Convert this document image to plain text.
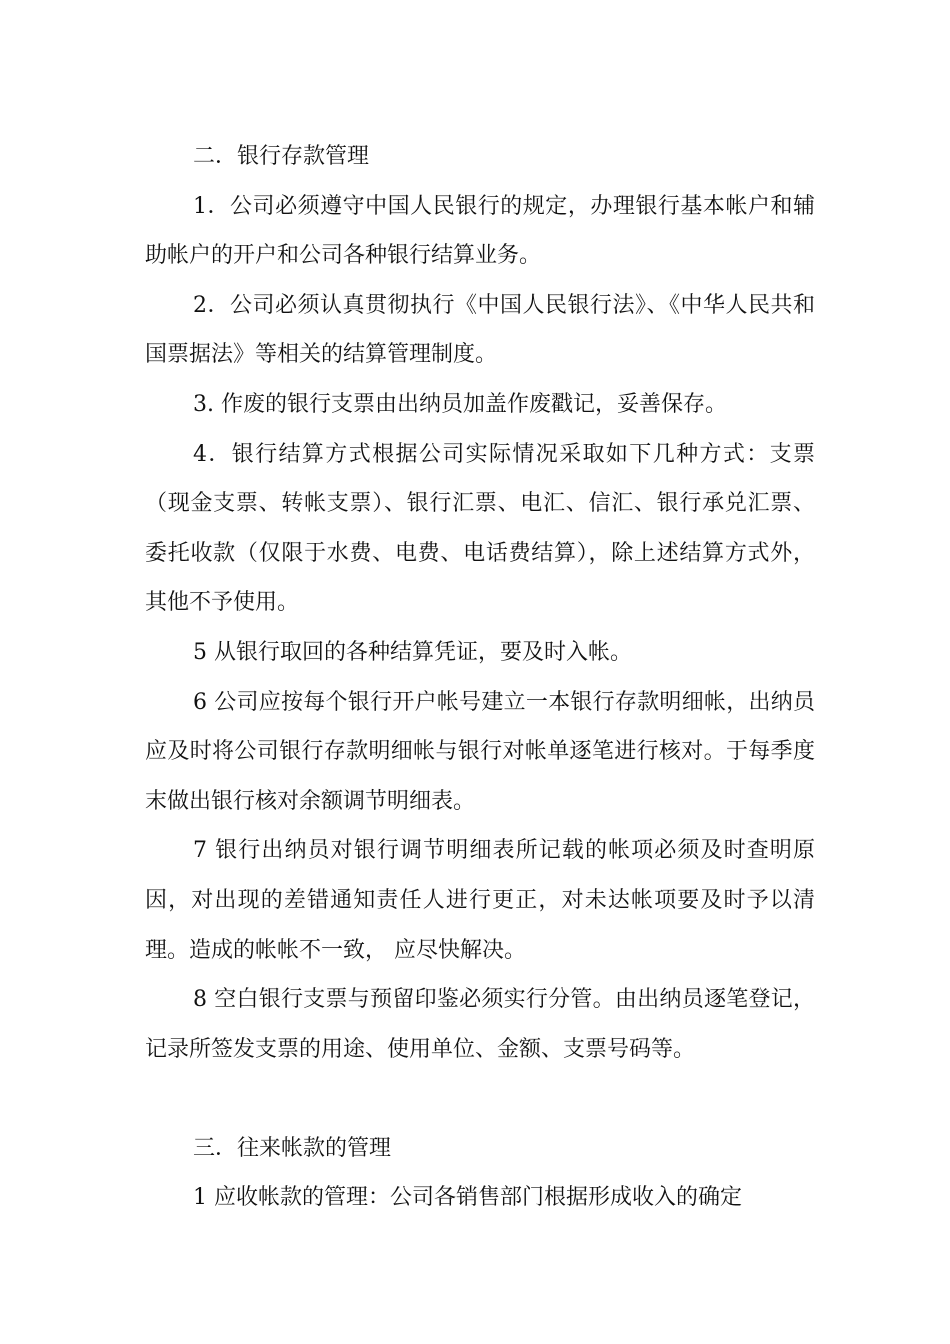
二．银行存款管理

1．公司必须遵守中国人民银行的规定，办理银行基本帐户和辅助帐户的开户和公司各种银行结算业务。

2．公司必须认真贯彻执行《中国人民银行法》、《中华人民共和国票据法》等相关的结算管理制度。

3. 作废的银行支票由出纳员加盖作废戳记，妥善保存。

4．银行结算方式根据公司实际情况采取如下几种方式：支票（现金支票、转帐支票）、银行汇票、电汇、信汇、银行承兑汇票、委托收款（仅限于水费、电费、电话费结算），除上述结算方式外，其他不予使用。

5 从银行取回的各种结算凭证，要及时入帐。

6 公司应按每个银行开户帐号建立一本银行存款明细帐，出纳员应及时将公司银行存款明细帐与银行对帐单逐笔进行核对。于每季度末做出银行核对余额调节明细表。

7 银行出纳员对银行调节明细表所记载的帐项必须及时查明原因，对出现的差错通知责任人进行更正，对未达帐项要及时予以清理。造成的帐帐不一致， 应尽快解决。

8 空白银行支票与预留印鉴必须实行分管。由出纳员逐笔登记，记录所签发支票的用途、使用单位、金额、支票号码等。

三．往来帐款的管理

1 应收帐款的管理：公司各销售部门根据形成收入的确定
